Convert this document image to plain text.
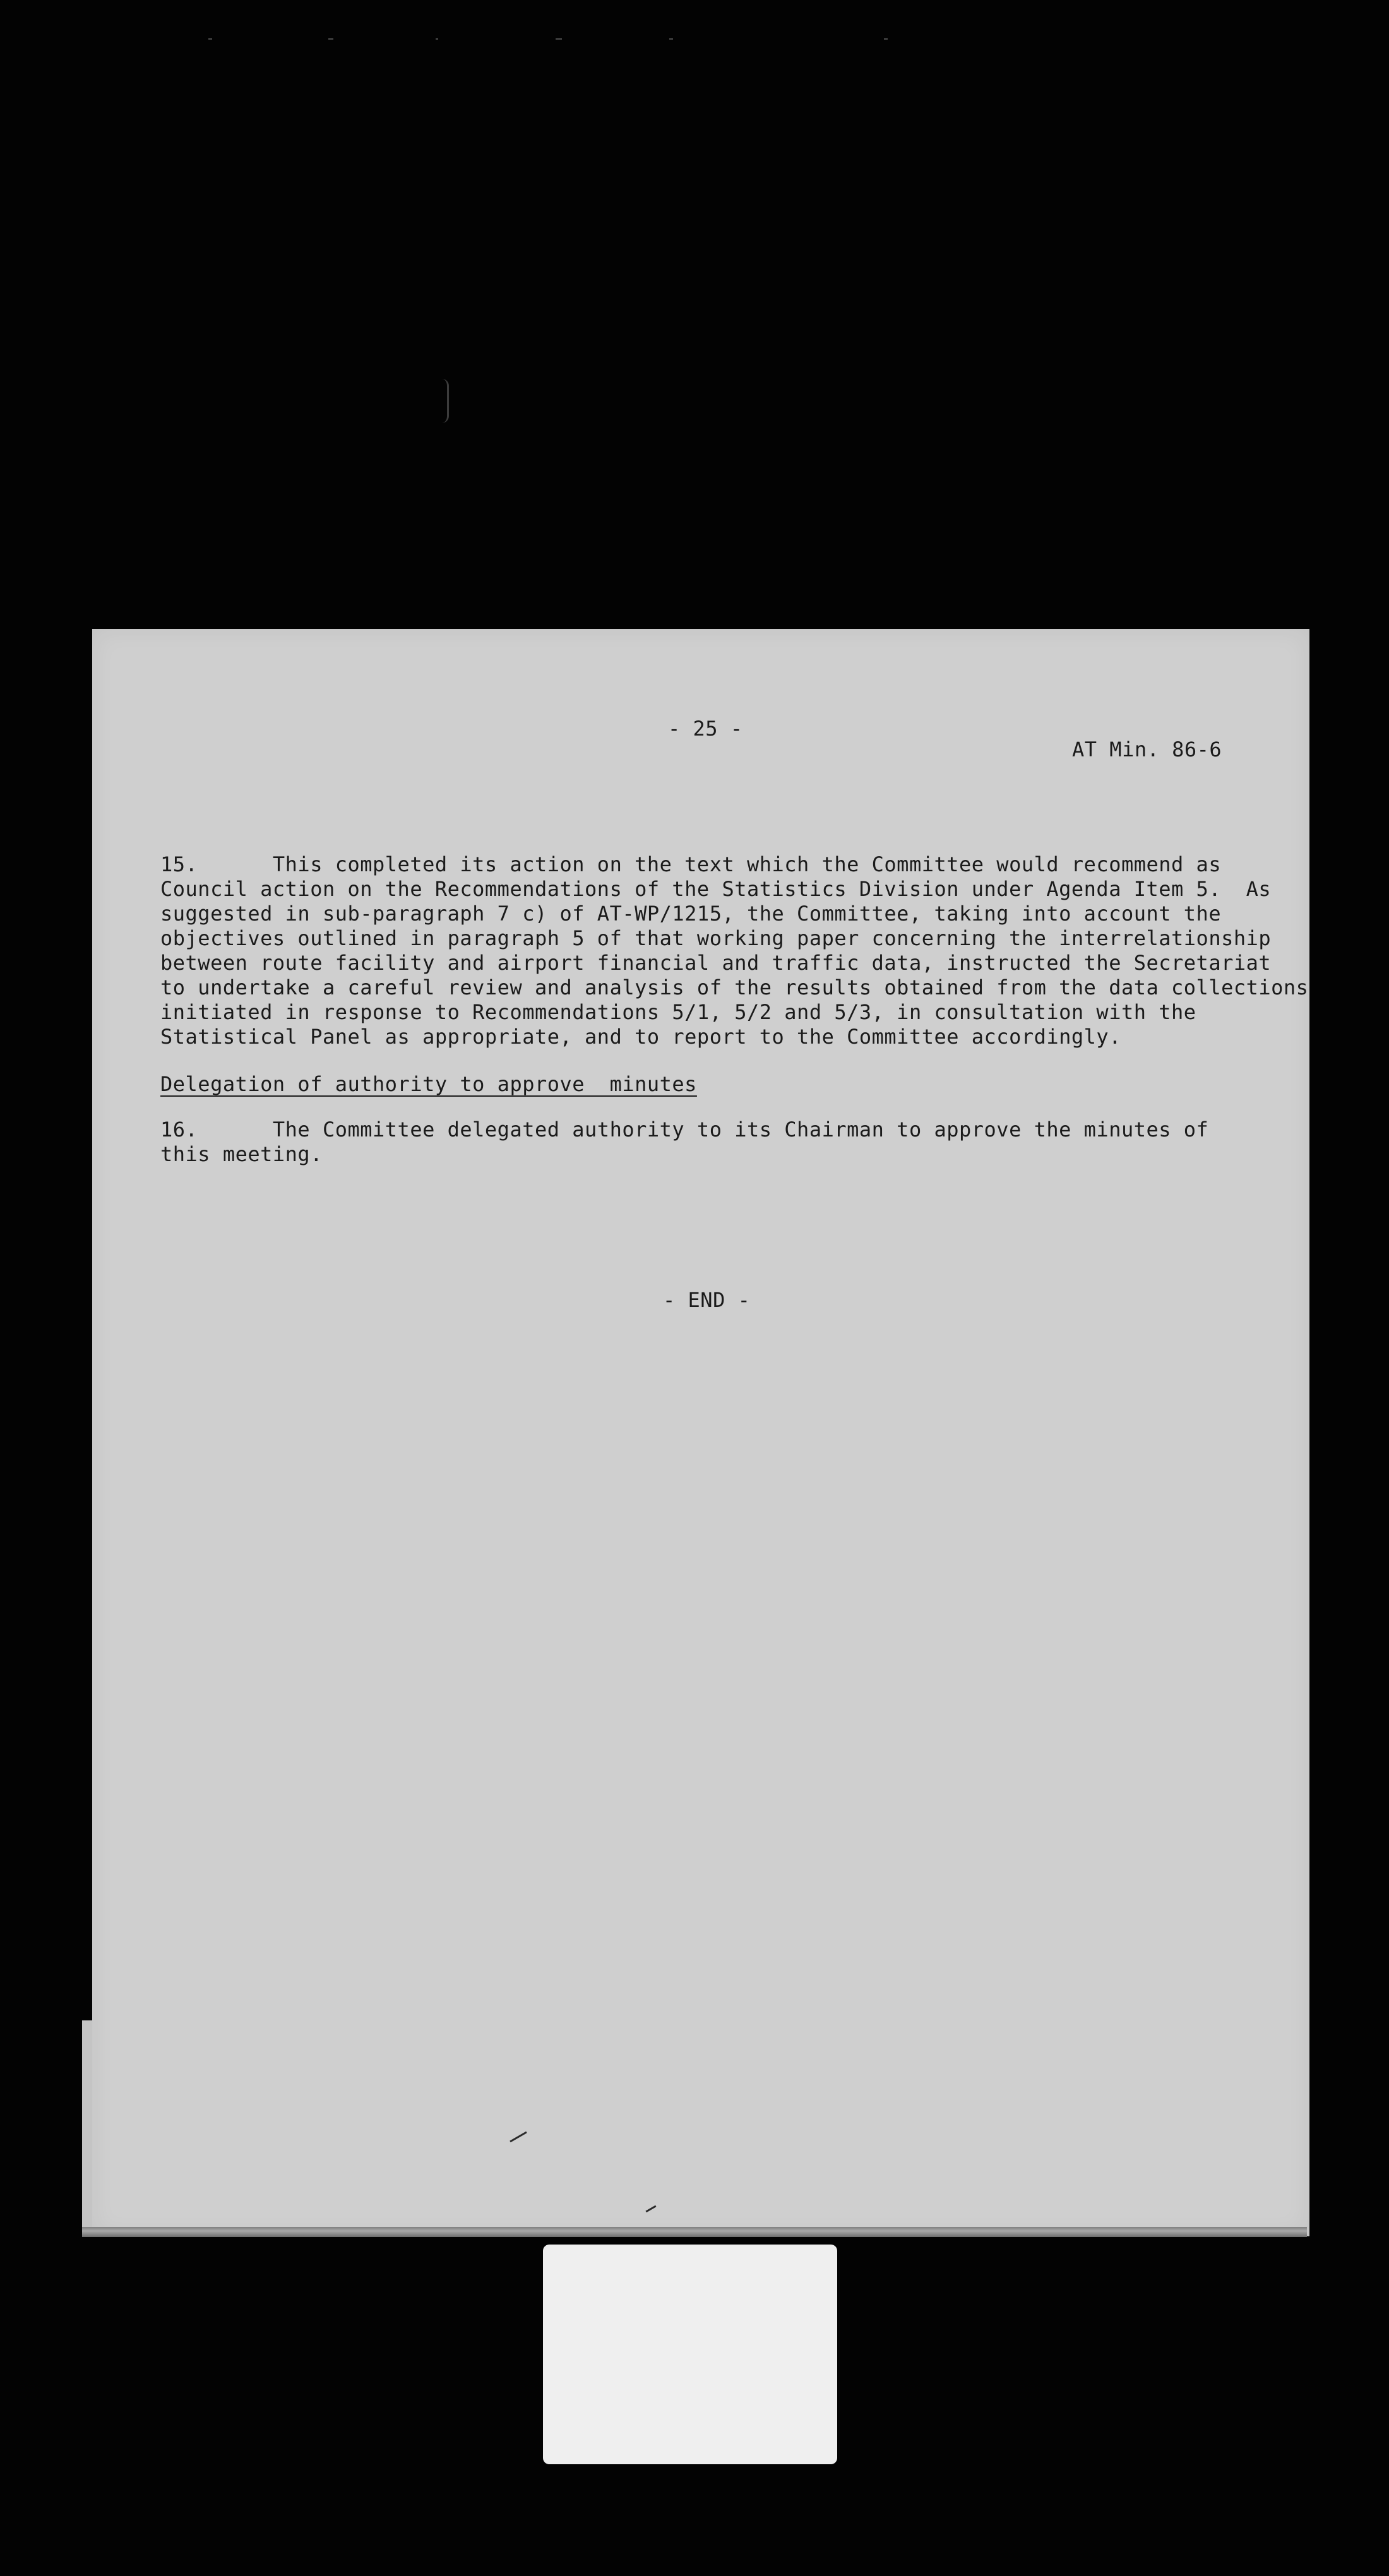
- 25 -
AT Min. 86-6
15.      This completed its action on the text which the Committee would recommend as
Council action on the Recommendations of the Statistics Division under Agenda Item 5.  As
suggested in sub-paragraph 7 c) of AT-WP/1215, the Committee, taking into account the
objectives outlined in paragraph 5 of that working paper concerning the interrelationship
between route facility and airport financial and traffic data, instructed the Secretariat
to undertake a careful review and analysis of the results obtained from the data collections
initiated in response to Recommendations 5/1, 5/2 and 5/3, in consultation with the
Statistical Panel as appropriate, and to report to the Committee accordingly.
Delegation of authority to approve  minutes
16.      The Committee delegated authority to its Chairman to approve the minutes of
this meeting.
- END -
